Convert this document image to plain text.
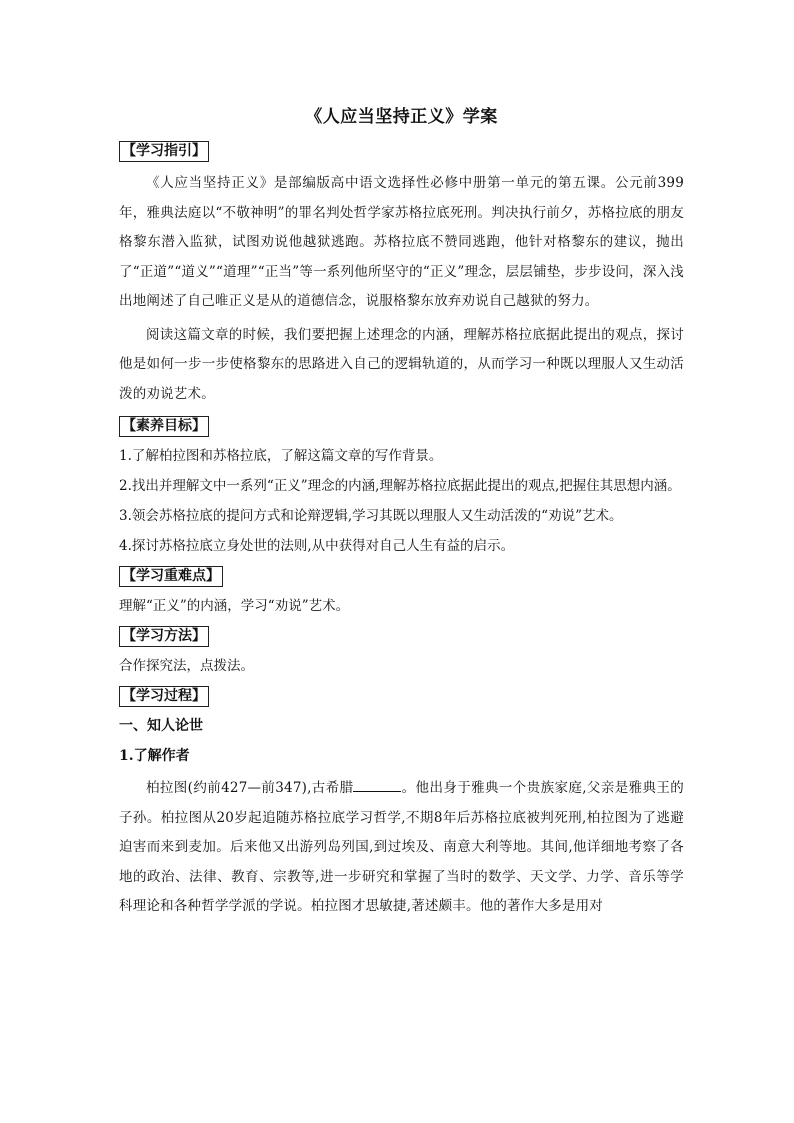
《人应当坚持正义》学案
【学习指引】

《人应当坚持正义》是部编版高中语文选择性必修中册第一单元的第五课。公元前399年，雅典法庭以“不敬神明”的罪名判处哲学家苏格拉底死刑。判决执行前夕，苏格拉底的朋友格黎东潜入监狱，试图劝说他越狱逃跑。苏格拉底不赞同逃跑，他针对格黎东的建议，抛出了“正道”“道义”“道理”“正当”等一系列他所坚守的“正义”理念，层层铺垫，步步设问，深入浅出地阐述了自己唯正义是从的道德信念，说服格黎东放弃劝说自己越狱的努力。

阅读这篇文章的时候，我们要把握上述理念的内涵，理解苏格拉底据此提出的观点，探讨他是如何一步一步使格黎东的思路进入自己的逻辑轨道的，从而学习一种既以理服人又生动活泼的劝说艺术。

【素养目标】
1.了解柏拉图和苏格拉底，了解这篇文章的写作背景。
2.找出并理解文中一系列“正义”理念的内涵,理解苏格拉底据此提出的观点,把握住其思想内涵。
3.领会苏格拉底的提问方式和论辩逻辑,学习其既以理服人又生动活泼的“劝说”艺术。
4.探讨苏格拉底立身处世的法则,从中获得对自己人生有益的启示。
【学习重难点】
理解“正义”的内涵，学习“劝说”艺术。
【学习方法】
合作探究法，点拨法。
【学习过程】
一、知人论世
1.了解作者

柏拉图(约前427—前347),古希腊	。他出身于雅典一个贵族家庭,父亲是雅典王的子孙。柏拉图从20岁起追随苏格拉底学习哲学,不期8年后苏格拉底被判死刑,柏拉图为了逃避迫害而来到麦加。后来他又出游列岛列国,到过埃及、南意大利等地。其间,他详细地考察了各地的政治、法律、教育、宗教等,进一步研究和掌握了当时的数学、天文学、力学、音乐等学科理论和各种哲学学派的学说。柏拉图才思敏捷,著述颇丰。他的著作大多是用对
